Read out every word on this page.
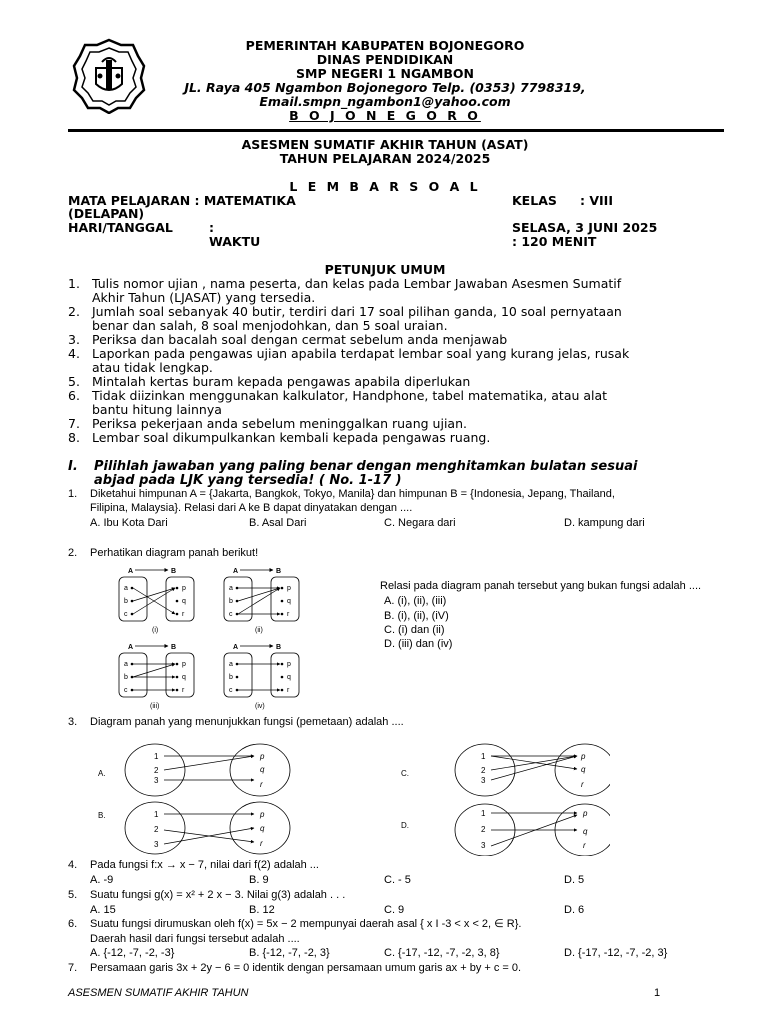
PEMERINTAH KABUPATEN BOJONEGORO
DINAS PENDIDIKAN
SMP NEGERI 1 NGAMBON
JL. Raya 405 Ngambon Bojonegoro Telp. (0353) 7798319,
Email.smpn_ngambon1@yahoo.com
B O J O N E G O R O
ASESMEN SUMATIF AKHIR TAHUN (ASAT)
TAHUN PELAJARAN 2024/2025
L E M B A R S O A L
MATA PELAJARAN : MATEMATIKA
(DELAPAN)
KELAS : VIII
HARI/TANGGAL	:	SELASA, 3 JUNI 2025
WAKTU	: 120 MENIT
PETUNJUK UMUM
1. Tulis nomor ujian , nama peserta, dan kelas pada Lembar Jawaban Asesmen Sumatif
Akhir Tahun (LJASAT) yang tersedia.
2. Jumlah soal sebanyak 40 butir, terdiri dari 17 soal pilihan ganda, 10 soal pernyataan
benar dan salah, 8 soal menjodohkan, dan 5 soal uraian.
3. Periksa dan bacalah soal dengan cermat sebelum anda menjawab
4. Laporkan pada pengawas ujian apabila terdapat lembar soal yang kurang jelas, rusak
atau tidak lengkap.
5. Mintalah kertas buram kepada pengawas apabila diperlukan
6. Tidak diizinkan menggunakan kalkulator, Handphone, tabel matematika, atau alat
bantu hitung lainnya
7. Periksa pekerjaan anda sebelum meninggalkan ruang ujian.
8. Lembar soal dikumpulkankan kembali kepada pengawas ruang.
I. Pilihlah jawaban yang paling benar dengan menghitamkan bulatan sesuai
abjad pada LJK yang tersedia! ( No. 1-17 )
1. Diketahui himpunan A = {Jakarta, Bangkok, Tokyo, Manila} dan himpunan B = {Indonesia, Jepang, Thailand,
Filipina, Malaysia}. Relasi dari A ke B dapat dinyatakan dengan ....
A. Ibu Kota Dari	B. Asal Dari	C. Negara dari	D. kampung dari
2. Perhatikan diagram panah berikut!
A	B
a
b
c
p
q
r
(i)
A	B
a
b
c
p
q
r
(ii)
A	B
a
b
c
p
q
r
(iii)
A	B
a
b
c
p
q
r
(iv)
Relasi pada diagram panah tersebut yang bukan fungsi adalah ....
A. (i), (ii), (iii)
B. (i), (ii), (iV)
C. (i) dan (ii)
D. (iii) dan (iv)
3. Diagram panah yang menunjukkan fungsi (pemetaan) adalah ....
A.
1
2
3
p
q
r
C.
1
2
3
p
q
r
B.	1
2
3
p
q
r
D.
1
2
3
p
q
r
4. Pada fungsi f:x → x − 7, nilai dari f(2) adalah ...
A. -9	B. 9	C. - 5	D. 5
5. Suatu fungsi g(x) = x² + 2 x − 3. Nilai g(3) adalah . . .
A. 15	B. 12	C. 9	D. 6
6. Suatu fungsi dirumuskan oleh f(x) = 5x − 2 mempunyai daerah asal { x I -3 < x < 2, ∈ R}.
Daerah hasil dari fungsi tersebut adalah ....
A. {-12, -7, -2, -3}	B. {-12, -7, -2, 3}	C. {-17, -12, -7, -2, 3, 8}	D. {-17, -12, -7, -2, 3}
7. Persamaan garis 3x + 2y − 6 = 0 identik dengan persamaan umum garis ax + by + c = 0.
ASESMEN SUMATIF AKHIR TAHUN	1
